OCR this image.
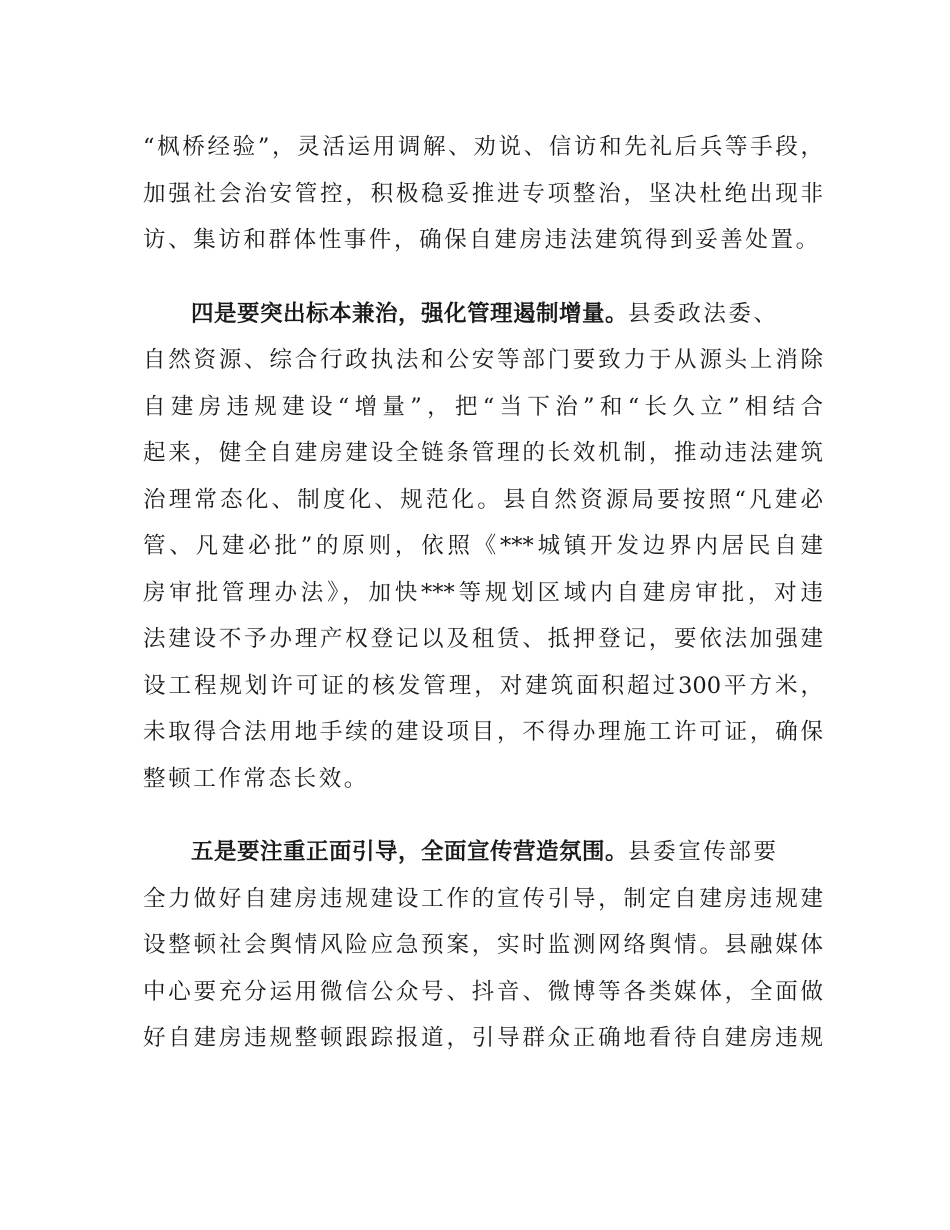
“枫桥经验”，灵活运用调解、劝说、信访和先礼后兵等手段，
加强社会治安管控，积极稳妥推进专项整治，坚决杜绝出现非
访、集访和群体性事件，确保自建房违法建筑得到妥善处置。
四是要突出标本兼治，强化管理遏制增量。县委政法委、
自然资源、综合行政执法和公安等部门要致力于从源头上消除
自建房违规建设“增量”，把“当下治”和“长久立”相结合
起来，健全自建房建设全链条管理的长效机制，推动违法建筑
治理常态化、制度化、规范化。县自然资源局要按照“凡建必
管、凡建必批”的原则，依照《***城镇开发边界内居民自建
房审批管理办法》，加快***等规划区域内自建房审批，对违
法建设不予办理产权登记以及租赁、抵押登记，要依法加强建
设工程规划许可证的核发管理，对建筑面积超过300平方米，
未取得合法用地手续的建设项目，不得办理施工许可证，确保
整顿工作常态长效。
五是要注重正面引导，全面宣传营造氛围。县委宣传部要
全力做好自建房违规建设工作的宣传引导，制定自建房违规建
设整顿社会舆情风险应急预案，实时监测网络舆情。县融媒体
中心要充分运用微信公众号、抖音、微博等各类媒体，全面做
好自建房违规整顿跟踪报道，引导群众正确地看待自建房违规
